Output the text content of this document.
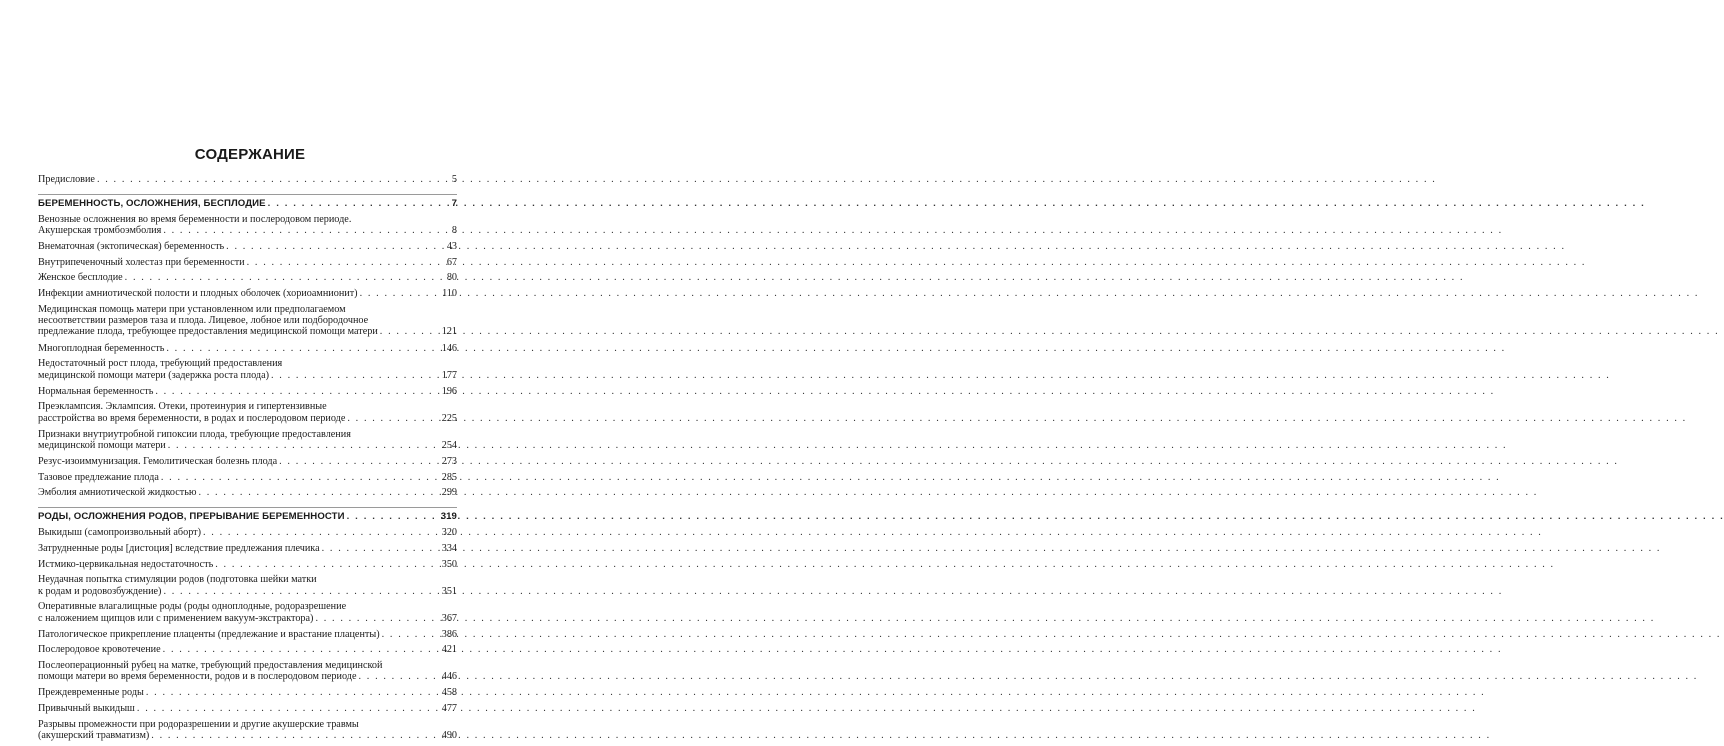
СОДЕРЖАНИЕ
Предисловие . . .	5
БЕРЕМЕННОСТЬ, ОСЛОЖНЕНИЯ, БЕСПЛОДИЕ . . .	7
Венозные осложнения во время беременности и послеродовом периоде.
Акушерская тромбоэмболия . . .	8
Внематочная (эктопическая) беременность . . .	43
Внутрипеченочный холестаз при беременности . . .	67
Женское бесплодие . . .	80
Инфекции амниотической полости и плодных оболочек (хориоамнионит) . . .	110
Медицинская помощь матери при установленном или предполагаемом
несоответствии размеров таза и плода. Лицевое, лобное или подбородочное
предлежание плода, требующее предоставления медицинской помощи матери . . .	121
Многоплодная беременность . . .	146
Недостаточный рост плода, требующий предоставления
медицинской помощи матери (задержка роста плода) . . .	177
Нормальная беременность . . .	196
Преэклампсия. Эклампсия. Отеки, протеинурия и гипертензивные
расстройства во время беременности, в родах и послеродовом периоде . . .	225
Признаки внутриутробной гипоксии плода, требующие предоставления
медицинской помощи матери . . .	254
Резус-изоиммунизация. Гемолитическая болезнь плода . . .	273
Тазовое предлежание плода . . .	285
Эмболия амниотической жидкостью . . .	299
РОДЫ, ОСЛОЖНЕНИЯ РОДОВ, ПРЕРЫВАНИЕ БЕРЕМЕННОСТИ . . .	319
Выкидыш (самопроизвольный аборт) . . .	320
Затрудненные роды [дистоция] вследствие предлежания плечика . . .	334
Истмико-цервикальная недостаточность . . .	350
Неудачная попытка стимуляции родов (подготовка шейки матки
к родам и родовозбуждение) . . .	351
Оперативные влагалищные роды (роды одноплодные, родоразрешение
с наложением щипцов или с применением вакуум-экстрактора) . . .	367
Патологическое прикрепление плаценты (предлежание и врастание плаценты) . . .	386
Послеродовое кровотечение . . .	421
Послеоперационный рубец на матке, требующий предоставления медицинской
помощи матери во время беременности, родов и в послеродовом периоде . . .	446
Преждевременные роды . . .	458
Привычный выкидыш . . .	477
Разрывы промежности при родоразрешении и другие акушерские травмы
(акушерский травматизм) . . .	490
